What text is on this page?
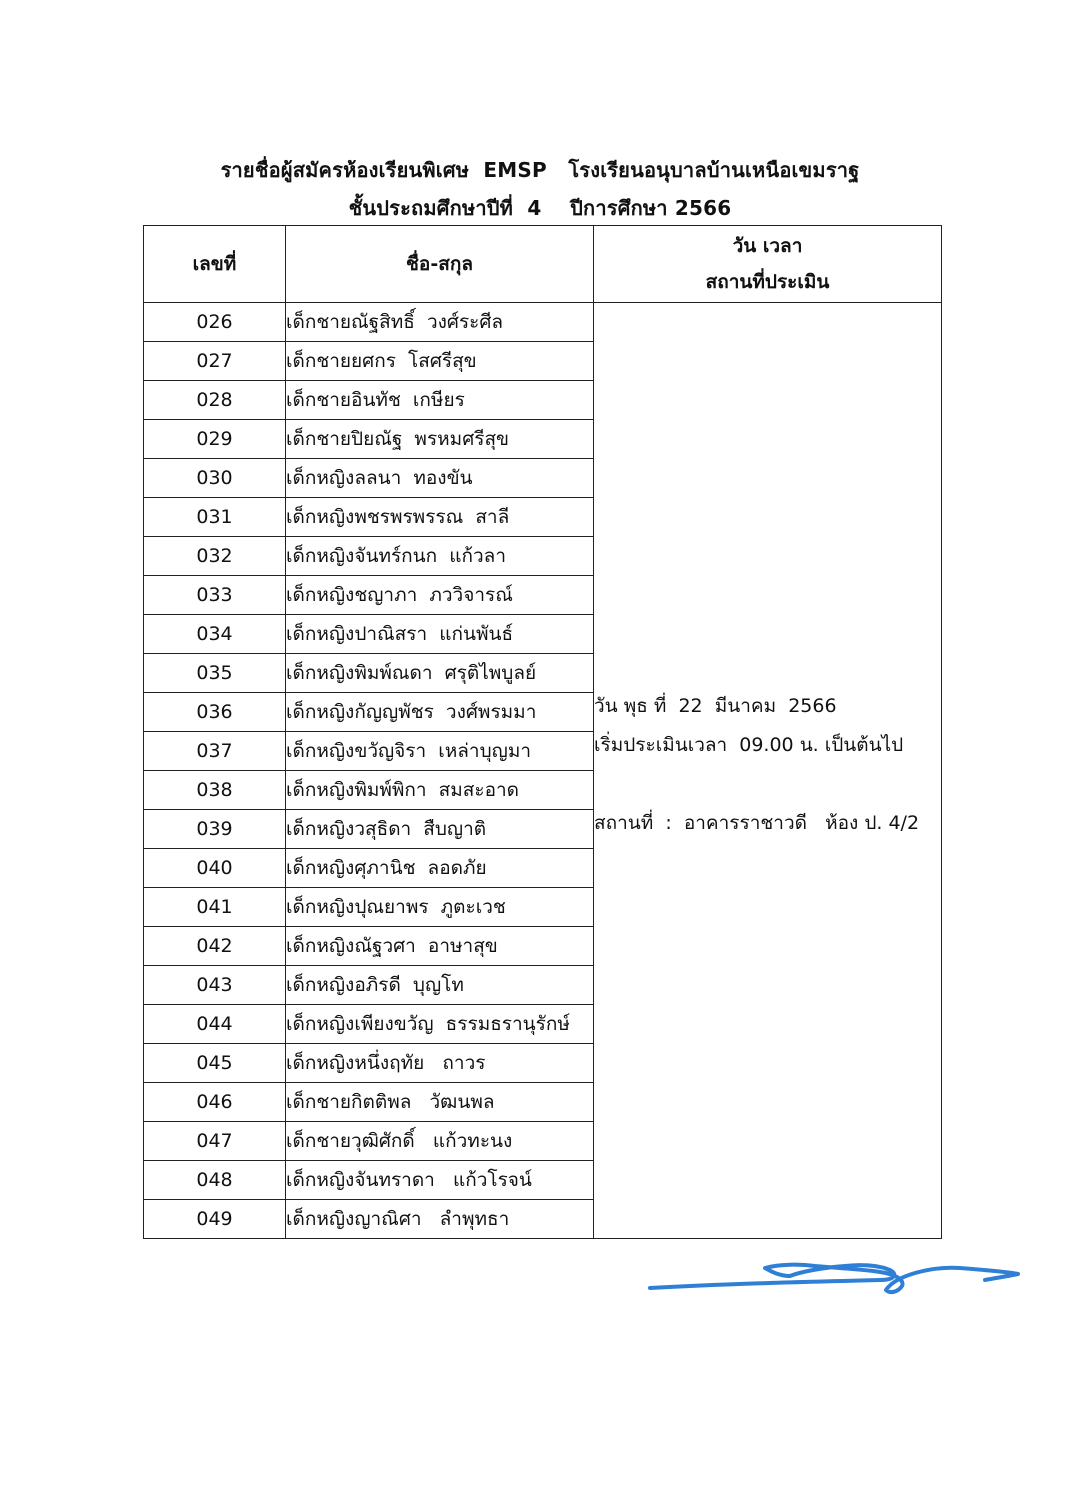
รายชื่อผู้สมัครห้องเรียนพิเศษ  EMSP   โรงเรียนอนุบาลบ้านเหนือเขมราฐ
ชั้นประถมศึกษาปีที่  4    ปีการศึกษา 2566
เลขที่	ชื่อ-สกุล	วัน เวลา
สถานที่ประเมิน

026	เด็กชายณัฐสิทธิ์  วงศ์ระศีล	วัน พุธ ที่  22  มีนาคม  2566
เริ่มประเมินเวลา  09.00 น. เป็นต้นไป
สถานที่  :  อาคารราชาวดี   ห้อง ป. 4/2

027	เด็กชายยศกร  โสศรีสุข	
028	เด็กชายอินทัช  เกษียร	
029	เด็กชายปิยณัฐ  พรหมศรีสุข	
030	เด็กหญิงลลนา  ทองขัน	
031	เด็กหญิงพชรพรพรรณ  สาลี	
032	เด็กหญิงจันทร์กนก  แก้วลา	
033	เด็กหญิงชญาภา  ภววิจารณ์	
034	เด็กหญิงปาณิสรา  แก่นพันธ์	
035	เด็กหญิงพิมพ์ณดา  ศรุติไพบูลย์	
036	เด็กหญิงกัญญพัชร  วงศ์พรมมา	
037	เด็กหญิงขวัญจิรา  เหล่าบุญมา	
038	เด็กหญิงพิมพ์พิกา  สมสะอาด	
039	เด็กหญิงวสุธิดา  สืบญาติ	
040	เด็กหญิงศุภานิช  ลอดภัย	
041	เด็กหญิงปุณยาพร  ภูตะเวช	
042	เด็กหญิงณัฐวศา  อาษาสุข	
043	เด็กหญิงอภิรดี  บุญโท	
044	เด็กหญิงเพียงขวัญ  ธรรมธรานุรักษ์	
045	เด็กหญิงหนึ่งฤทัย   ถาวร	
046	เด็กชายกิตติพล   วัฒนพล	
047	เด็กชายวุฒิศักดิ์   แก้วทะนง	
048	เด็กหญิงจันทราดา   แก้วโรจน์	
049	เด็กหญิงญาณิศา   ลำพุทธา	
